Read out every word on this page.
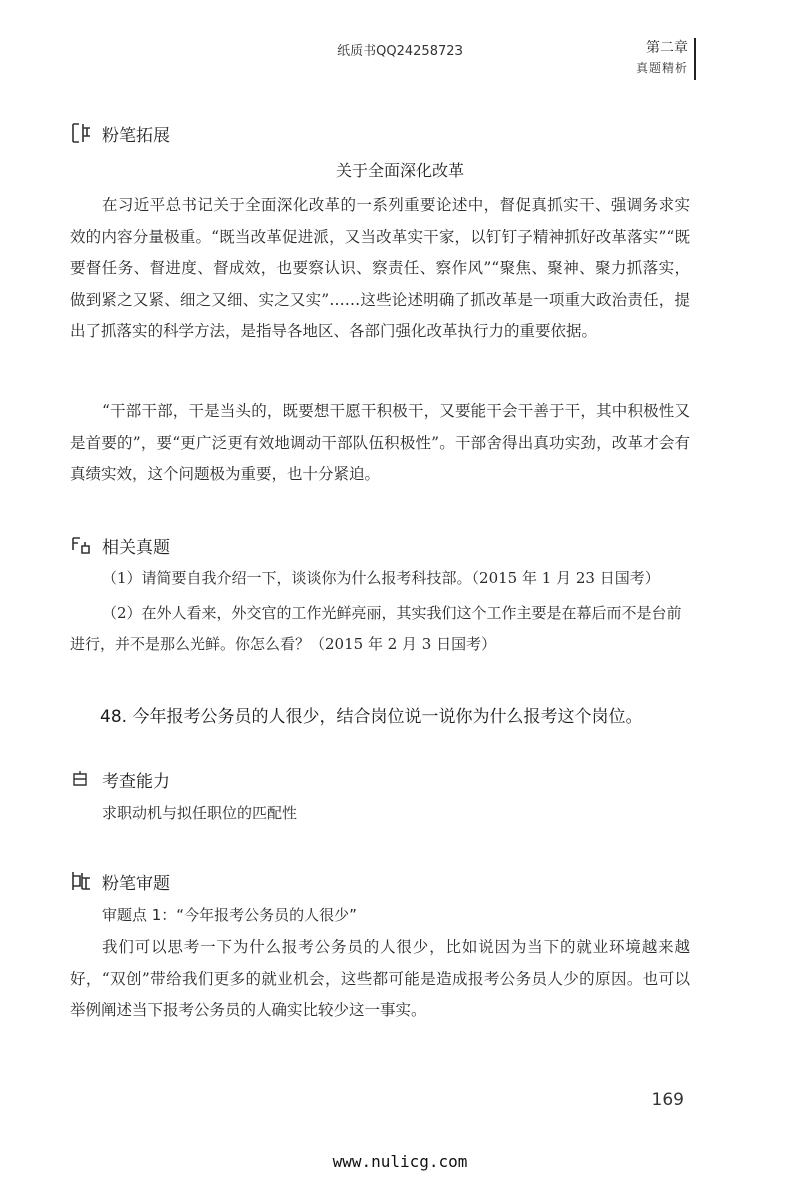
纸质书QQ2425872З	第二章
真题精析
粉笔拓展
关于全面深化改革

在习近平总书记关于全面深化改革的一系列重要论述中，督促真抓实干、强调务求实效的内容分量极重。“既当改革促进派，又当改革实干家，以钉钉子精神抓好改革落实”“既要督任务、督进度、督成效，也要察认识、察责任、察作风”“聚焦、聚神、聚力抓落实，做到紧之又紧、细之又细、实之又实”……这些论述明确了抓改革是一项重大政治责任，提出了抓落实的科学方法，是指导各地区、各部门强化改革执行力的重要依据。

“干部干部，干是当头的，既要想干愿干积极干，又要能干会干善于干，其中积极性又是首要的”，要“更广泛更有效地调动干部队伍积极性”。干部舍得出真功实劲，改革才会有真绩实效，这个问题极为重要，也十分紧迫。

相关真题

（1）请简要自我介绍一下，谈谈你为什么报考科技部。（2015 年 1 月 23 日国考）

（2）在外人看来，外交官的工作光鲜亮丽，其实我们这个工作主要是在幕后而不是台前进行，并不是那么光鲜。你怎么看？（2015 年 2 月 3 日国考）

48. 今年报考公务员的人很少，结合岗位说一说你为什么报考这个岗位。
考查能力
求职动机与拟任职位的匹配性
粉笔审题
审题点 1：“今年报考公务员的人很少”

我们可以思考一下为什么报考公务员的人很少，比如说因为当下的就业环境越来越好，“双创”带给我们更多的就业机会，这些都可能是造成报考公务员人少的原因。也可以举例阐述当下报考公务员的人确实比较少这一事实。

169
www.nulicg.com
